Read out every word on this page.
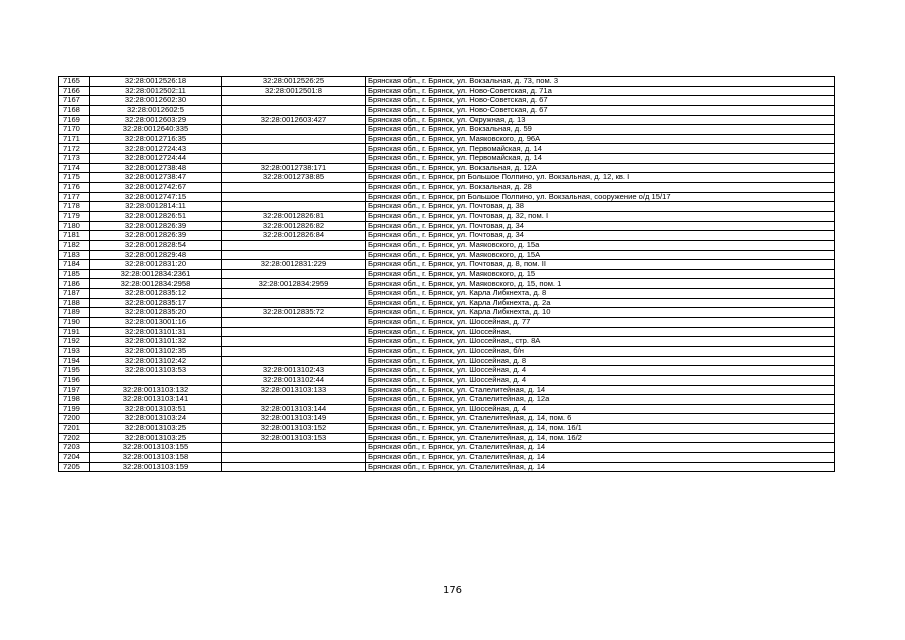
7165	32:28:0012526:18	32:28:0012526:25	Брянская обл., г. Брянск, ул. Вокзальная, д. 73, пом. 3
7166	32:28:0012502:11	32:28:0012501:8	Брянская обл., г. Брянск, ул. Ново-Советская, д. 71а
7167	32:28:0012602:30		Брянская обл., г. Брянск, ул. Ново-Советская, д. 67
7168	32:28:0012602:5		Брянская обл., г. Брянск, ул. Ново-Советская, д. 67
7169	32:28:0012603:29	32:28:0012603:427	Брянская обл., г. Брянск, ул. Окружная, д. 13
7170	32:28:0012640:335		Брянская обл., г. Брянск, ул. Вокзальная, д. 59
7171	32:28:0012716:35		Брянская обл., г. Брянск, ул. Маяковского, д. 96А
7172	32:28:0012724:43		Брянская обл., г. Брянск, ул. Первомайская, д. 14
7173	32:28:0012724:44		Брянская обл., г. Брянск, ул. Первомайская, д. 14
7174	32:28:0012738:48	32:28:0012738:171	Брянская обл., г. Брянск, ул. Вокзальная, д. 12А
7175	32:28:0012738:47	32:28:0012738:85	Брянская обл., г. Брянск, рп Большое Полпино, ул. Вокзальная, д. 12, кв. I
7176	32:28:0012742:67		Брянская обл., г. Брянск, ул. Вокзальная, д. 28
7177	32:28:0012747:15		Брянская обл., г. Брянск, рп Большое Полпино, ул. Вокзальная, сооружение о/д 15/17
7178	32:28:0012814:11		Брянская обл., г. Брянск, ул. Почтовая, д. 38
7179	32:28:0012826:51	32:28:0012826:81	Брянская обл., г. Брянск, ул. Почтовая, д. 32, пом. I
7180	32:28:0012826:39	32:28:0012826:82	Брянская обл., г. Брянск, ул. Почтовая, д. 34
7181	32:28:0012826:39	32:28:0012826:84	Брянская обл., г. Брянск, ул. Почтовая, д. 34
7182	32:28:0012828:54		Брянская обл., г. Брянск, ул. Маяковского, д. 15а
7183	32:28:0012829:48		Брянская обл., г. Брянск, ул. Маяковского, д. 15А
7184	32:28:0012831:20	32:28:0012831:229	Брянская обл., г. Брянск, ул. Почтовая, д. 8, пом. II
7185	32:28:0012834:2361		Брянская обл., г. Брянск, ул. Маяковского, д. 15
7186	32:28:0012834:2958	32:28:0012834:2959	Брянская обл., г. Брянск, ул. Маяковского, д. 15, пом. 1
7187	32:28:0012835:12		Брянская обл., г. Брянск, ул. Карла Либкнехта, д. 8
7188	32:28:0012835:17		Брянская обл., г. Брянск, ул. Карла Либкнехта, д. 2а
7189	32:28:0012835:20	32:28:0012835:72	Брянская обл., г. Брянск, ул. Карла Либкнехта, д. 10
7190	32:28:0013001:16		Брянская обл., г. Брянск, ул. Шоссейная, д. 77
7191	32:28:0013101:31		Брянская обл., г. Брянск, ул. Шоссейная,
7192	32:28:0013101:32		Брянская обл., г. Брянск, ул. Шоссейная,, стр. 8А
7193	32:28:0013102:35		Брянская обл., г. Брянск, ул. Шоссейная, б/н
7194	32:28:0013102:42		Брянская обл., г. Брянск, ул. Шоссейная, д. 8
7195	32:28:0013103:53	32:28:0013102:43	Брянская обл., г. Брянск, ул. Шоссейная, д. 4
7196		32:28:0013102:44	Брянская обл., г. Брянск, ул. Шоссейная, д. 4
7197	32:28:0013103:132	32:28:0013103:133	Брянская обл., г. Брянск, ул. Сталелитейная, д. 14
7198	32:28:0013103:141		Брянская обл., г. Брянск, ул. Сталелитейная, д. 12а
7199	32:28:0013103:51	32:28:0013103:144	Брянская обл., г. Брянск, ул. Шоссейная, д. 4
7200	32:28:0013103:24	32:28:0013103:149	Брянская обл., г. Брянск, ул. Сталелитейная, д. 14, пом. 6
7201	32:28:0013103:25	32:28:0013103:152	Брянская обл., г. Брянск, ул. Сталелитейная, д. 14, пом. 16/1
7202	32:28:0013103:25	32:28:0013103:153	Брянская обл., г. Брянск, ул. Сталелитейная, д. 14, пом. 16/2
7203	32:28:0013103:155		Брянская обл., г. Брянск, ул. Сталелитейная, д. 14
7204	32:28:0013103:158		Брянская обл., г. Брянск, ул. Сталелитейная, д. 14
7205	32:28:0013103:159		Брянская обл., г. Брянск, ул. Сталелитейная, д. 14
176
